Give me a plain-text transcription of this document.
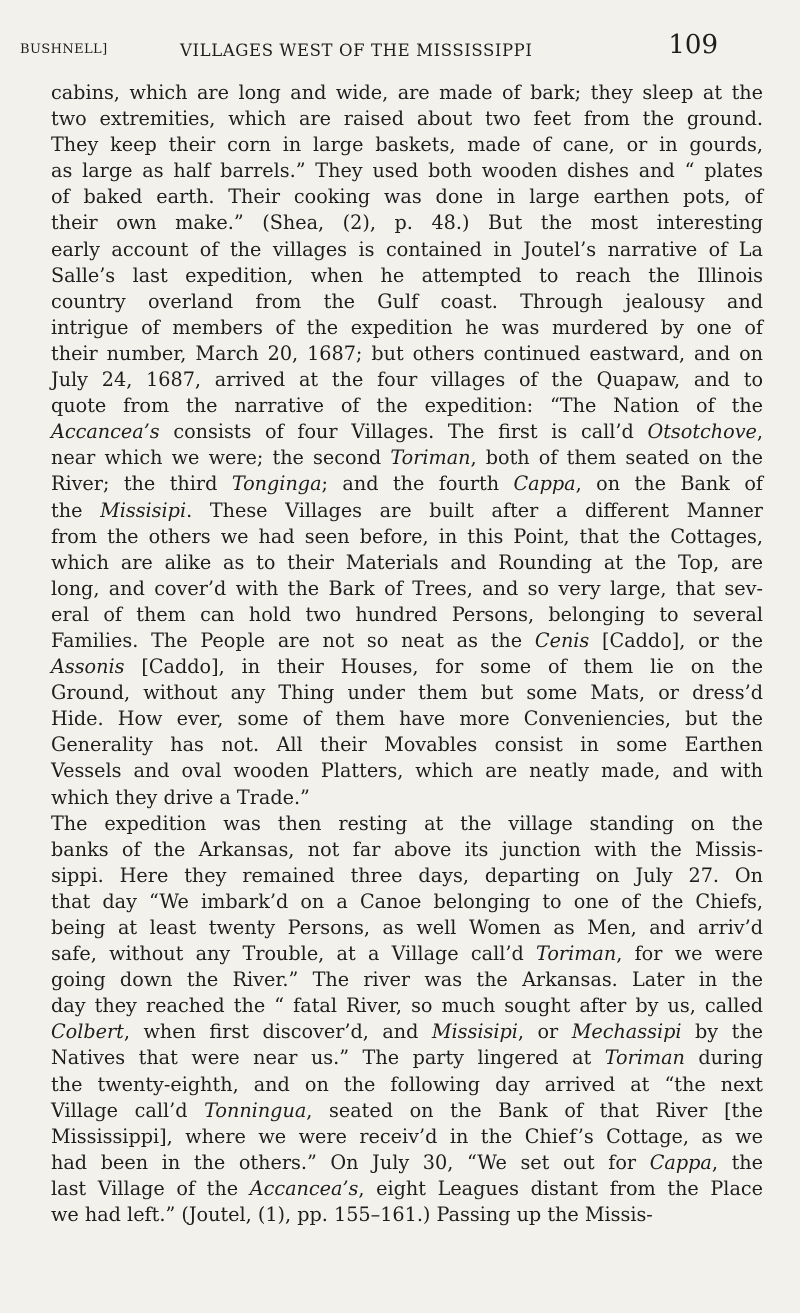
BUSHNELL]	VILLAGES WEST OF THE MISSISSIPPI	109
cabins, which are long and wide, are made of bark; they sleep at the
two extremities, which are raised about two feet from the ground.
They keep their corn in large baskets, made of cane, or in gourds,
as large as half barrels.” They used both wooden dishes and “ plates
of baked earth. Their cooking was done in large earthen pots, of
their own make.” (Shea, (2), p. 48.) But the most interesting
early account of the villages is contained in Joutel’s narrative of La
Salle’s last expedition, when he attempted to reach the Illinois
country overland from the Gulf coast. Through jealousy and
intrigue of members of the expedition he was murdered by one of
their number, March 20, 1687; but others continued eastward, and on
July 24, 1687, arrived at the four villages of the Quapaw, and to
quote from the narrative of the expedition: “The Nation of the
Accancea’s consists of four Villages. The first is call’d Otsotchove,
near which we were; the second Toriman, both of them seated on the
River; the third Tonginga; and the fourth Cappa, on the Bank of
the Missisipi. These Villages are built after a different Manner
from the others we had seen before, in this Point, that the Cottages,
which are alike as to their Materials and Rounding at the Top, are
long, and cover’d with the Bark of Trees, and so very large, that sev-
eral of them can hold two hundred Persons, belonging to several
Families. The People are not so neat as the Cenis [Caddo], or the
Assonis [Caddo], in their Houses, for some of them lie on the
Ground, without any Thing under them but some Mats, or dress’d
Hide. How ever, some of them have more Conveniencies, but the
Generality has not. All their Movables consist in some Earthen
Vessels and oval wooden Platters, which are neatly made, and with
which they drive a Trade.”
The expedition was then resting at the village standing on the
banks of the Arkansas, not far above its junction with the Missis-
sippi. Here they remained three days, departing on July 27. On
that day “We imbark’d on a Canoe belonging to one of the Chiefs,
being at least twenty Persons, as well Women as Men, and arriv’d
safe, without any Trouble, at a Village call’d Toriman, for we were
going down the River.” The river was the Arkansas. Later in the
day they reached the “ fatal River, so much sought after by us, called
Colbert, when first discover’d, and Missisipi, or Mechassipi by the
Natives that were near us.” The party lingered at Toriman during
the twenty-eighth, and on the following day arrived at “the next
Village call’d Tonningua, seated on the Bank of that River [the
Mississippi], where we were receiv’d in the Chief’s Cottage, as we
had been in the others.” On July 30, “We set out for Cappa, the
last Village of the Accancea’s, eight Leagues distant from the Place
we had left.” (Joutel, (1), pp. 155–161.) Passing up the Missis-
